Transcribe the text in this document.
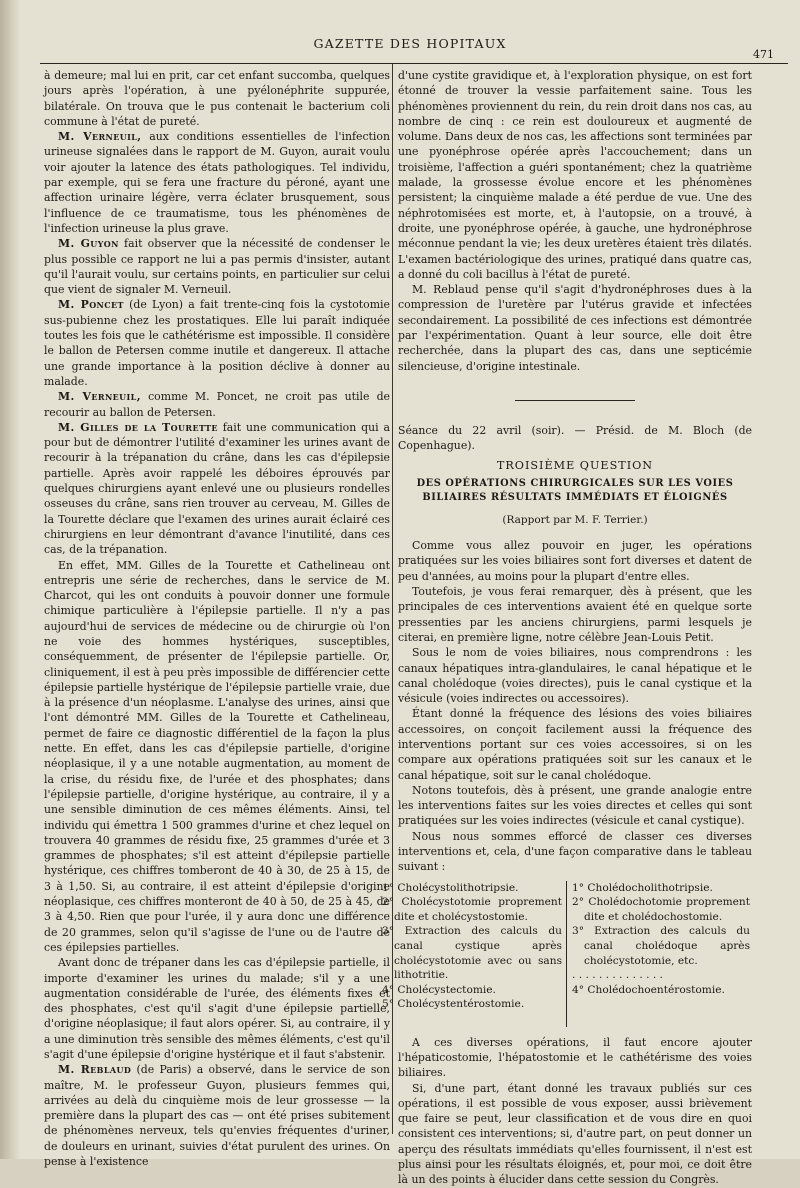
GAZETTE DES HOPITAUX
471

à demeure; mal lui en prit, car cet enfant succomba, quelques jours après l'opération, à une pyélonéphrite suppurée, bilatérale. On trouva que le pus contenait le bacterium coli commune à l'état de pureté.

M. Verneuil, aux conditions essentielles de l'infection urineuse signalées dans le rapport de M. Guyon, aurait voulu voir ajouter la latence des états pathologiques. Tel individu, par exemple, qui se fera une fracture du péroné, ayant une affection urinaire légère, verra éclater brusquement, sous l'influence de ce traumatisme, tous les phénomènes de l'infection urineuse la plus grave.

M. Guyon fait observer que la nécessité de condenser le plus possible ce rapport ne lui a pas permis d'insister, autant qu'il l'aurait voulu, sur certains points, en particulier sur celui que vient de signaler M. Verneuil.

M. Poncet (de Lyon) a fait trente-cinq fois la cystotomie sus-pubienne chez les prostatiques. Elle lui paraît indiquée toutes les fois que le cathétérisme est impossible. Il considère le ballon de Petersen comme inutile et dangereux. Il attache une grande importance à la position déclive à donner au malade.

M. Verneuil, comme M. Poncet, ne croit pas utile de recourir au ballon de Petersen.

M. Gilles de la Tourette fait une communication qui a pour but de démontrer l'utilité d'examiner les urines avant de recourir à la trépanation du crâne, dans les cas d'épilepsie partielle. Après avoir rappelé les déboires éprouvés par quelques chirurgiens ayant enlevé une ou plusieurs rondelles osseuses du crâne, sans rien trouver au cerveau, M. Gilles de la Tourette déclare que l'examen des urines aurait éclairé ces chirurgiens en leur démontrant d'avance l'inutilité, dans ces cas, de la trépanation.

En effet, MM. Gilles de la Tourette et Cathelineau ont entrepris une série de recherches, dans le service de M. Charcot, qui les ont conduits à pouvoir donner une formule chimique particulière à l'épilepsie partielle. Il n'y a pas aujourd'hui de services de médecine ou de chirurgie où l'on ne voie des hommes hystériques, susceptibles, conséquemment, de présenter de l'épilepsie partielle. Or, cliniquement, il est à peu près impossible de différencier cette épilepsie partielle hystérique de l'épilepsie partielle vraie, due à la présence d'un néoplasme. L'analyse des urines, ainsi que l'ont démontré MM. Gilles de la Tourette et Cathelineau, permet de faire ce diagnostic différentiel de la façon la plus nette. En effet, dans les cas d'épilepsie partielle, d'origine néoplasique, il y a une notable augmentation, au moment de la crise, du résidu fixe, de l'urée et des phosphates; dans l'épilepsie partielle, d'origine hystérique, au contraire, il y a une sensible diminution de ces mêmes éléments. Ainsi, tel individu qui émettra 1 500 grammes d'urine et chez lequel on trouvera 40 grammes de résidu fixe, 25 grammes d'urée et 3 grammes de phosphates; s'il est atteint d'épilepsie partielle hystérique, ces chiffres tomberont de 40 à 30, de 25 à 15, de 3 à 1,50. Si, au contraire, il est atteint d'épilepsie d'origine néoplasique, ces chiffres monteront de 40 à 50, de 25 à 45, de 3 à 4,50. Rien que pour l'urée, il y aura donc une différence de 20 grammes, selon qu'il s'agisse de l'une ou de l'autre de ces épilepsies partielles.

Avant donc de trépaner dans les cas d'épilepsie partielle, il importe d'examiner les urines du malade; s'il y a une augmentation considérable de l'urée, des éléments fixes et des phosphates, c'est qu'il s'agit d'une épilepsie partielle, d'origine néoplasique; il faut alors opérer. Si, au contraire, il y a une diminution très sensible des mêmes éléments, c'est qu'il s'agit d'une épilepsie d'origine hystérique et il faut s'abstenir.

M. Reblaud (de Paris) a observé, dans le service de son maître, M. le professeur Guyon, plusieurs femmes qui, arrivées au delà du cinquième mois de leur grossesse — la première dans la plupart des cas — ont été prises subitement de phénomènes nerveux, tels qu'envies fréquentes d'uriner, de douleurs en urinant, suivies d'état purulent des urines. On pense à l'existence

d'une cystite gravidique et, à l'exploration physique, on est fort étonné de trouver la vessie parfaitement saine. Tous les phénomènes proviennent du rein, du rein droit dans nos cas, au nombre de cinq : ce rein est douloureux et augmenté de volume. Dans deux de nos cas, les affections sont terminées par une pyonéphrose opérée après l'accouchement; dans un troisième, l'affection a guéri spontanément; chez la quatrième malade, la grossesse évolue encore et les phénomènes persistent; la cinquième malade a été perdue de vue. Une des néphrotomisées est morte, et, à l'autopsie, on a trouvé, à droite, une pyonéphrose opérée, à gauche, une hydronéphrose méconnue pendant la vie; les deux uretères étaient très dilatés. L'examen bactériologique des urines, pratiqué dans quatre cas, a donné du coli bacillus à l'état de pureté.

M. Reblaud pense qu'il s'agit d'hydronéphroses dues à la compression de l'uretère par l'utérus gravide et infectées secondairement. La possibilité de ces infections est démontrée par l'expérimentation. Quant à leur source, elle doit être recherchée, dans la plupart des cas, dans une septicémie silencieuse, d'origine intestinale.

Séance du 22 avril (soir). — Présid. de M. Bloch (de Copenhague).

TROISIÈME QUESTION
DES OPÉRATIONS CHIRURGICALES SUR LES VOIES BILIAIRES RÉSULTATS IMMÉDIATS ET ÉLOIGNÉS
(Rapport par M. F. Terrier.)

Comme vous allez pouvoir en juger, les opérations pratiquées sur les voies biliaires sont fort diverses et datent de peu d'années, au moins pour la plupart d'entre elles.

Toutefois, je vous ferai remarquer, dès à présent, que les principales de ces interventions avaient été en quelque sorte pressenties par les anciens chirurgiens, parmi lesquels je citerai, en première ligne, notre célèbre Jean-Louis Petit.

Sous le nom de voies biliaires, nous comprendrons : les canaux hépatiques intra-glandulaires, le canal hépatique et le canal cholédoque (voies directes), puis le canal cystique et la vésicule (voies indirectes ou accessoires).

Étant donné la fréquence des lésions des voies biliaires accessoires, on conçoit facilement aussi la fréquence des interventions portant sur ces voies accessoires, si on les compare aux opérations pratiquées soit sur les canaux et le canal hépatique, soit sur le canal cholédoque.

Notons toutefois, dès à présent, une grande analogie entre les interventions faites sur les voies directes et celles qui sont pratiquées sur les voies indirectes (vésicule et canal cystique).

Nous nous sommes efforcé de classer ces diverses interventions et, cela, d'une façon comparative dans le tableau suivant :

1° Cholécystolithotripsie.
2° Cholécystotomie proprement dite et cholécystostomie.
3° Extraction des calculs du canal cystique après cholécystotomie avec ou sans lithotritie.
4° Cholécystectomie.
5° Cholécystentérostomie.
1° Cholédocholithotripsie.
2° Cholédochotomie proprement dite et cholédochostomie.
3° Extraction des calculs du canal cholédoque après cholécystotomie, etc.
. . . . . . . . . . . . . .
4° Cholédochoentérostomie.

A ces diverses opérations, il faut encore ajouter l'hépaticostomie, l'hépatostomie et le cathétérisme des voies biliaires.

Si, d'une part, étant donné les travaux publiés sur ces opérations, il est possible de vous exposer, aussi brièvement que faire se peut, leur classification et de vous dire en quoi consistent ces interventions; si, d'autre part, on peut donner un aperçu des résultats immédiats qu'elles fournissent, il n'est est plus ainsi pour les résultats éloignés, et, pour moi, ce doit être là un des points à élucider dans cette session du Congrès.
